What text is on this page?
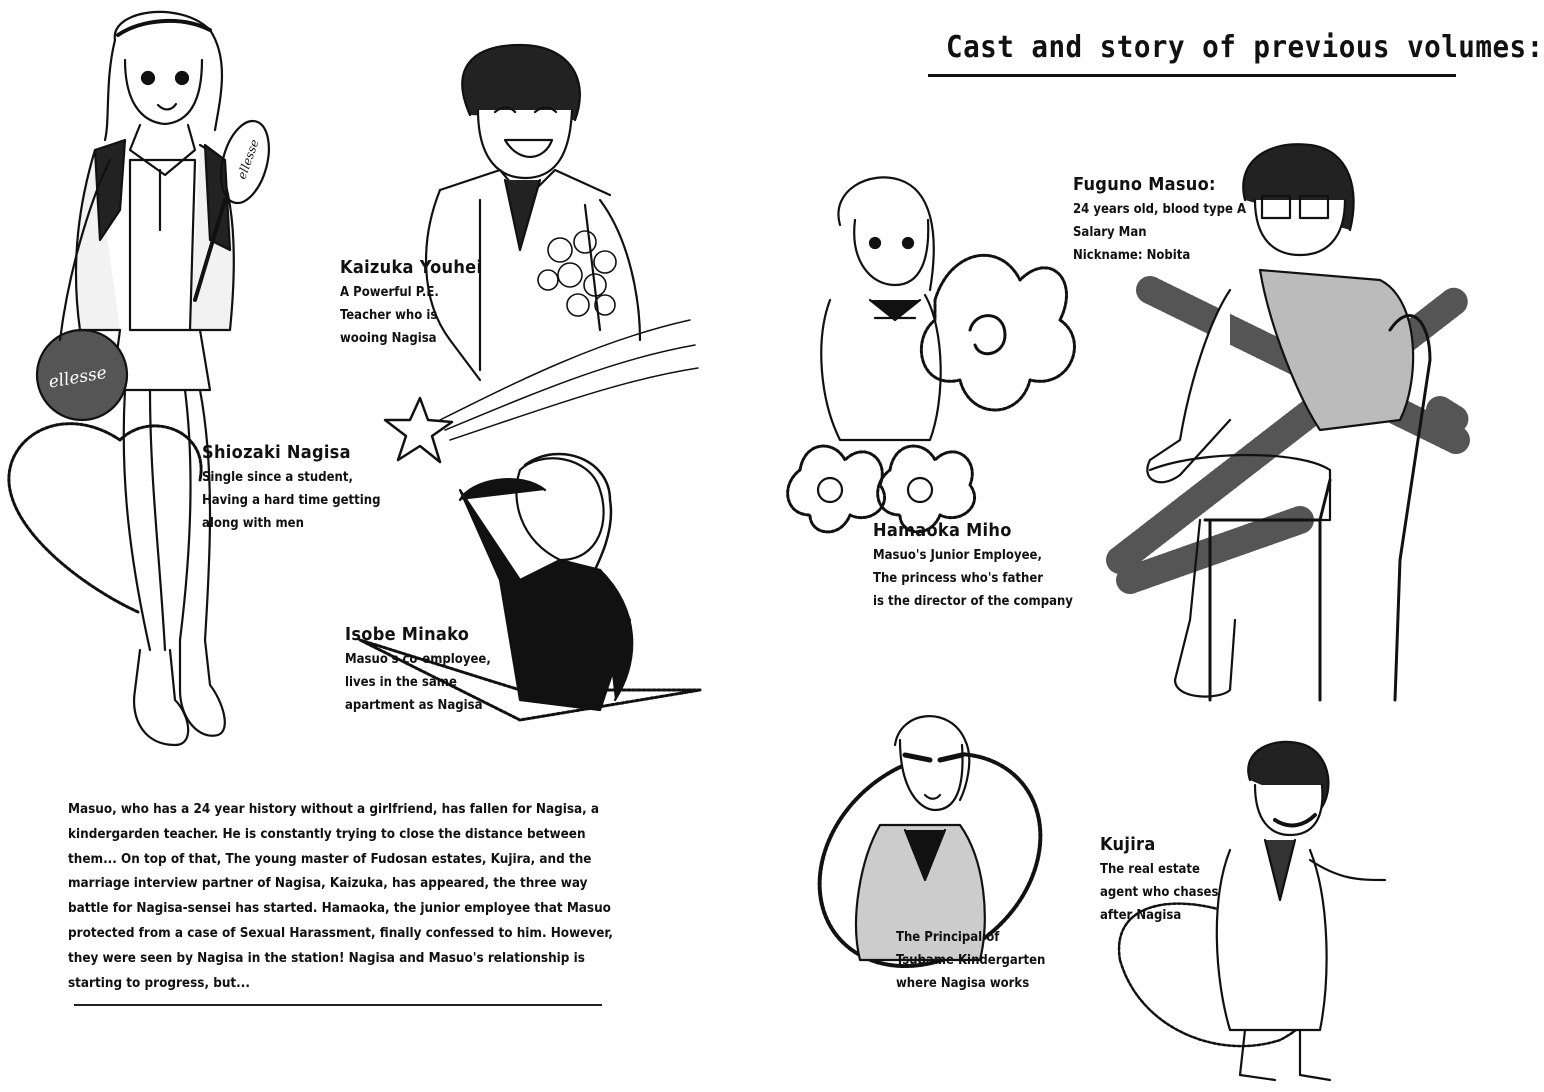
ellesse
ellesse
Cast and story of previous volumes:
Kaizuka Youhei
A Powerful P.E.
Teacher who is
wooing Nagisa
Shiozaki Nagisa
Single since a student,
Having a hard time getting
along with men
Isobe Minako
Masuo's co-employee,
lives in the same
apartment as Nagisa
Fuguno Masuo:
24 years old, blood type A
Salary Man
Nickname: Nobita
Hamaoka Miho
Masuo's Junior Employee,
The princess who's father
is the director of the company
Kujira
The real estate
agent who chases
after Nagisa
The Principal of
Tsubame Kindergarten
where Nagisa works
Masuo, who has a 24 year history without a girlfriend, has fallen for Nagisa, a kindergarden teacher. He is constantly trying to close the distance between them... On top of that, The young master of Fudosan estates, Kujira, and the marriage interview partner of Nagisa, Kaizuka, has appeared, the three way battle for Nagisa-sensei has started. Hamaoka, the junior employee that Masuo protected from a case of Sexual Harassment, finally confessed to him. However, they were seen by Nagisa in the station! Nagisa and Masuo's relationship is starting to progress, but...
